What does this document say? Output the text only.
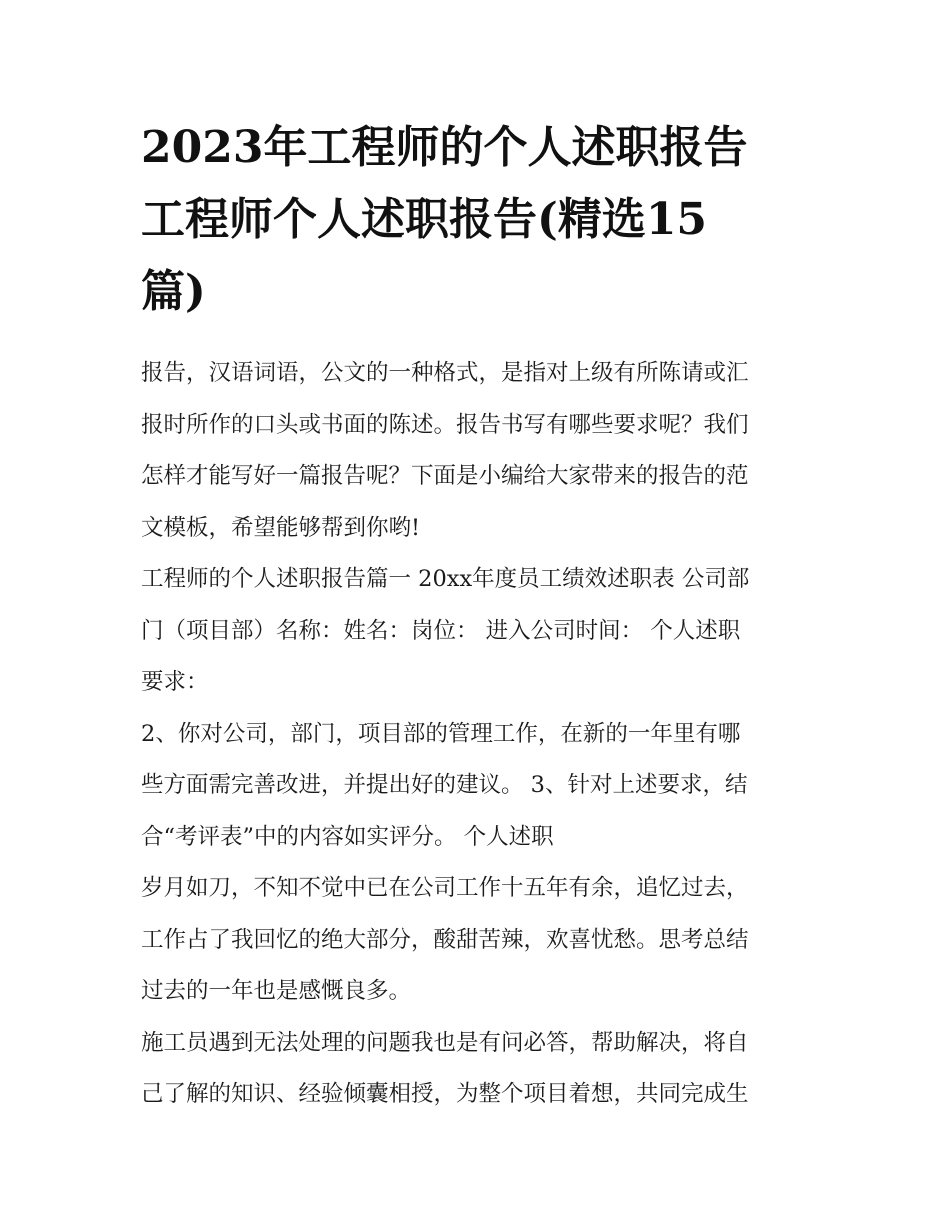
2023年工程师的个人述职报告
工程师个人述职报告(精选15
篇)

报告，汉语词语，公文的一种格式，是指对上级有所陈请或汇
报时所作的口头或书面的陈述。报告书写有哪些要求呢？我们
怎样才能写好一篇报告呢？下面是小编给大家带来的报告的范
文模板，希望能够帮到你哟!

工程师的个人述职报告篇一 20xx年度员工绩效述职表 公司部
门（项目部）名称：姓名：岗位： 进入公司时间： 个人述职
要求：

2、你对公司，部门，项目部的管理工作，在新的一年里有哪
些方面需完善改进，并提出好的建议。 3、针对上述要求，结
合“考评表”中的内容如实评分。 个人述职

岁月如刀，不知不觉中已在公司工作十五年有余，追忆过去，
工作占了我回忆的绝大部分，酸甜苦辣，欢喜忧愁。思考总结
过去的一年也是感慨良多。

施工员遇到无法处理的问题我也是有问必答，帮助解决，将自
己了解的知识、经验倾囊相授，为整个项目着想，共同完成生
